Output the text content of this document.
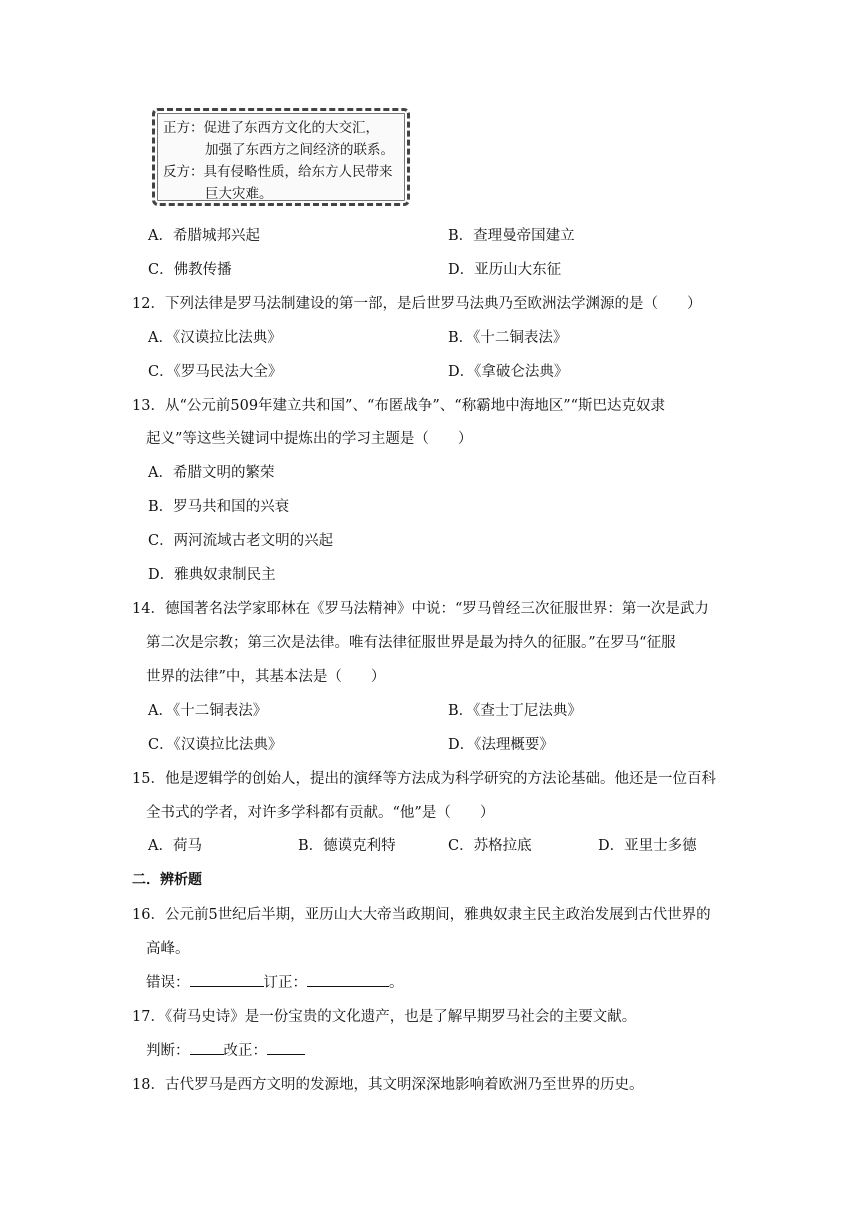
正方：促进了东西方文化的大交汇，
加强了东西方之间经济的联系。
反方：具有侵略性质，给东方人民带来
巨大灾难。
A．希腊城邦兴起	B．查理曼帝国建立
C．佛教传播	D．亚历山大东征
12．下列法律是罗马法制建设的第一部，是后世罗马法典乃至欧洲法学渊源的是（　　）
A．《汉谟拉比法典》	B．《十二铜表法》
C．《罗马民法大全》	D．《拿破仑法典》
13．从“公元前509年建立共和国”、“布匿战争”、“称霸地中海地区”“斯巴达克奴隶
起义”等这些关键词中提炼出的学习主题是（　　）
A．希腊文明的繁荣
B．罗马共和国的兴衰
C．两河流域古老文明的兴起
D．雅典奴隶制民主
14．德国著名法学家耶林在《罗马法精神》中说：“罗马曾经三次征服世界：第一次是武力
第二次是宗教；第三次是法律。唯有法律征服世界是最为持久的征服。”在罗马“征服
世界的法律”中，其基本法是（　　）
A．《十二铜表法》	B．《查士丁尼法典》
C．《汉谟拉比法典》	D．《法理概要》
15．他是逻辑学的创始人，提出的演绎等方法成为科学研究的方法论基础。他还是一位百科
全书式的学者，对许多学科都有贡献。“他”是（　　）
A．荷马	B．德谟克利特	C．苏格拉底	D．亚里士多德
二．辨析题
16．公元前5世纪后半期，亚历山大大帝当政期间，雅典奴隶主民主政治发展到古代世界的
高峰。
错误：	订正：	。
17．《荷马史诗》是一份宝贵的文化遗产，也是了解早期罗马社会的主要文献。
判断： 改正：
18．古代罗马是西方文明的发源地，其文明深深地影响着欧洲乃至世界的历史。
